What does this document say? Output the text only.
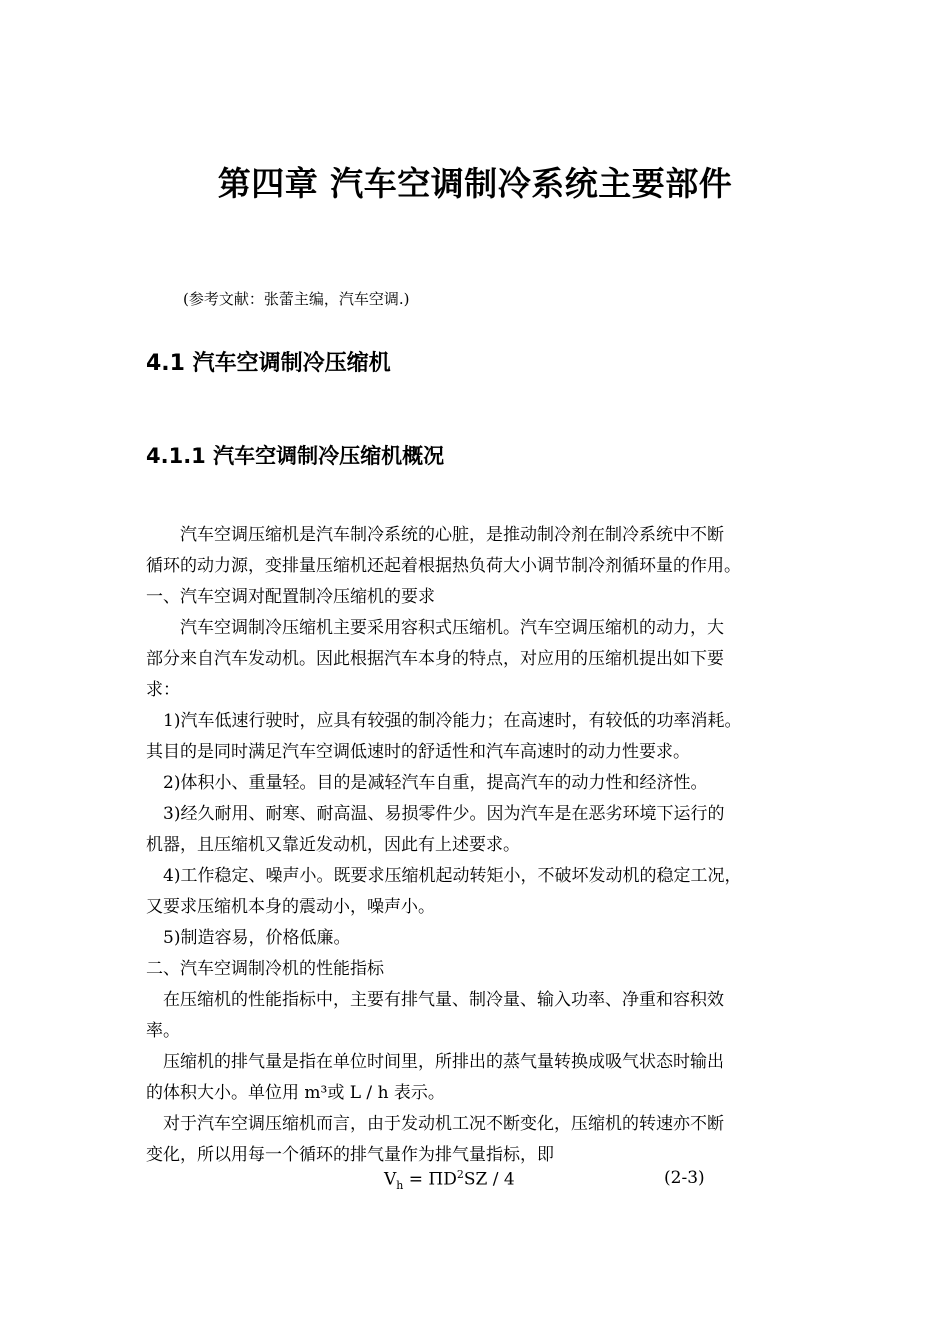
第四章 汽车空调制冷系统主要部件
(参考文献：张蕾主编，汽车空调.)
4.1 汽车空调制冷压缩机
4.1.1 汽车空调制冷压缩机概况
　　汽车空调压缩机是汽车制冷系统的心脏，是推动制冷剂在制冷系统中不断
循环的动力源，变排量压缩机还起着根据热负荷大小调节制冷剂循环量的作用。
一、汽车空调对配置制冷压缩机的要求
　　汽车空调制冷压缩机主要采用容积式压缩机。汽车空调压缩机的动力，大
部分来自汽车发动机。因此根据汽车本身的特点，对应用的压缩机提出如下要
求：
　1)汽车低速行驶时，应具有较强的制冷能力；在高速时，有较低的功率消耗。
其目的是同时满足汽车空调低速时的舒适性和汽车高速时的动力性要求。
　2)体积小、重量轻。目的是减轻汽车自重，提高汽车的动力性和经济性。
　3)经久耐用、耐寒、耐高温、易损零件少。因为汽车是在恶劣环境下运行的
机器，且压缩机又靠近发动机，因此有上述要求。
　4)工作稳定、噪声小。既要求压缩机起动转矩小，不破坏发动机的稳定工况，
又要求压缩机本身的震动小，噪声小。
　5)制造容易，价格低廉。
二、汽车空调制冷机的性能指标
　在压缩机的性能指标中，主要有排气量、制冷量、输入功率、净重和容积效
率。
　压缩机的排气量是指在单位时间里，所排出的蒸气量转换成吸气状态时输出
的体积大小。单位用 m³或 L / h 表示。
　对于汽车空调压缩机而言，由于发动机工况不断变化，压缩机的转速亦不断
变化，所以用每一个循环的排气量作为排气量指标，即
$V_h = \Pi D^2SZ / 4$	(2-3)
